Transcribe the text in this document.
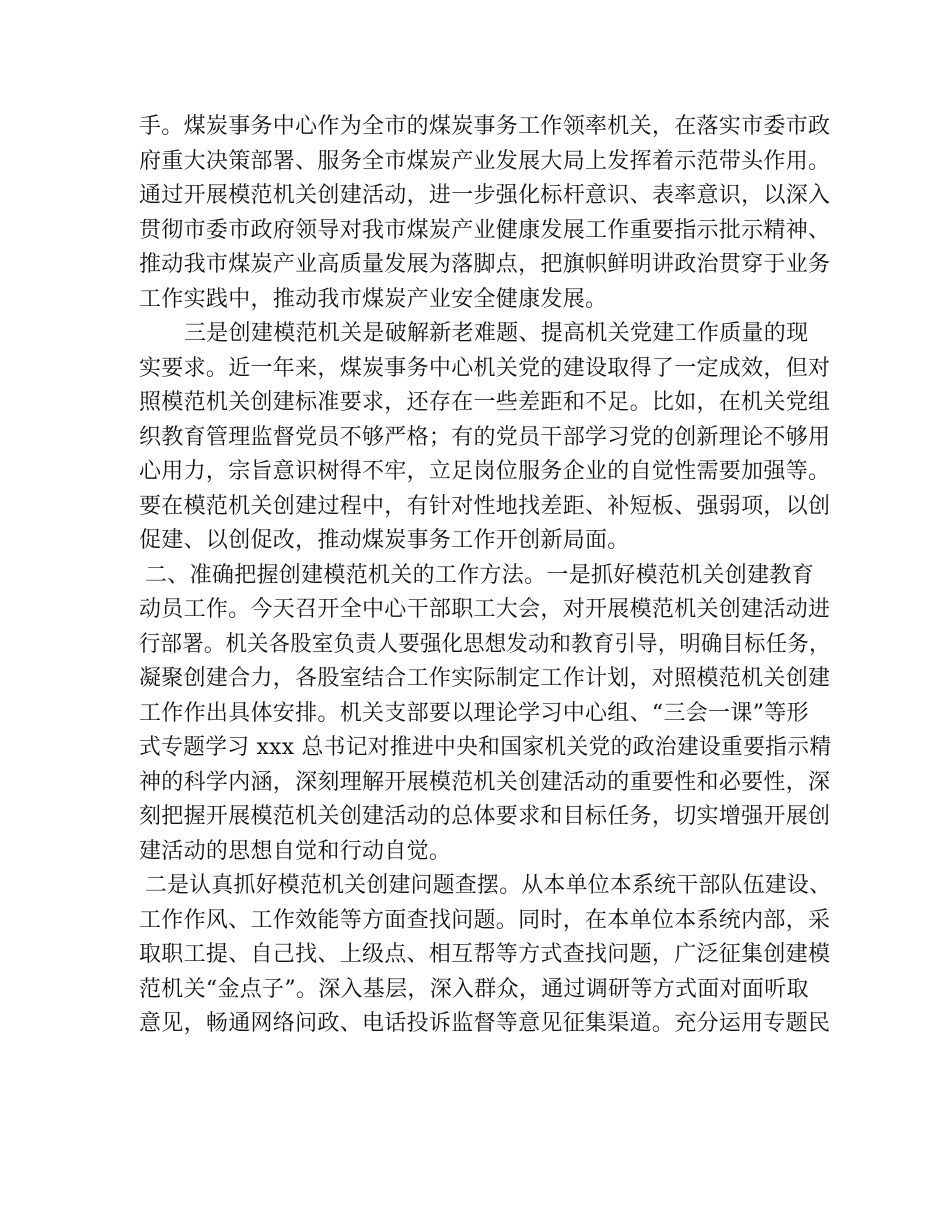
手。煤炭事务中心作为全市的煤炭事务工作领率机关，在落实市委市政
府重大决策部署、服务全市煤炭产业发展大局上发挥着示范带头作用。
通过开展模范机关创建活动，进一步强化标杆意识、表率意识，以深入
贯彻市委市政府领导对我市煤炭产业健康发展工作重要指示批示精神、
推动我市煤炭产业高质量发展为落脚点，把旗帜鲜明讲政治贯穿于业务
工作实践中，推动我市煤炭产业安全健康发展。
三是创建模范机关是破解新老难题、提高机关党建工作质量的现
实要求。近一年来，煤炭事务中心机关党的建设取得了一定成效，但对
照模范机关创建标准要求，还存在一些差距和不足。比如，在机关党组
织教育管理监督党员不够严格；有的党员干部学习党的创新理论不够用
心用力，宗旨意识树得不牢，立足岗位服务企业的自觉性需要加强等。
要在模范机关创建过程中，有针对性地找差距、补短板、强弱项，以创
促建、以创促改，推动煤炭事务工作开创新局面。
二、准确把握创建模范机关的工作方法。一是抓好模范机关创建教育
动员工作。今天召开全中心干部职工大会，对开展模范机关创建活动进
行部署。机关各股室负责人要强化思想发动和教育引导，明确目标任务，
凝聚创建合力，各股室结合工作实际制定工作计划，对照模范机关创建
工作作出具体安排。机关支部要以理论学习中心组、“三会一课”等形
式专题学习 xxx 总书记对推进中央和国家机关党的政治建设重要指示精
神的科学内涵，深刻理解开展模范机关创建活动的重要性和必要性，深
刻把握开展模范机关创建活动的总体要求和目标任务，切实增强开展创
建活动的思想自觉和行动自觉。
二是认真抓好模范机关创建问题查摆。从本单位本系统干部队伍建设、
工作作风、工作效能等方面查找问题。同时，在本单位本系统内部，采
取职工提、自己找、上级点、相互帮等方式查找问题，广泛征集创建模
范机关“金点子”。深入基层，深入群众，通过调研等方式面对面听取
意见，畅通网络问政、电话投诉监督等意见征集渠道。充分运用专题民
